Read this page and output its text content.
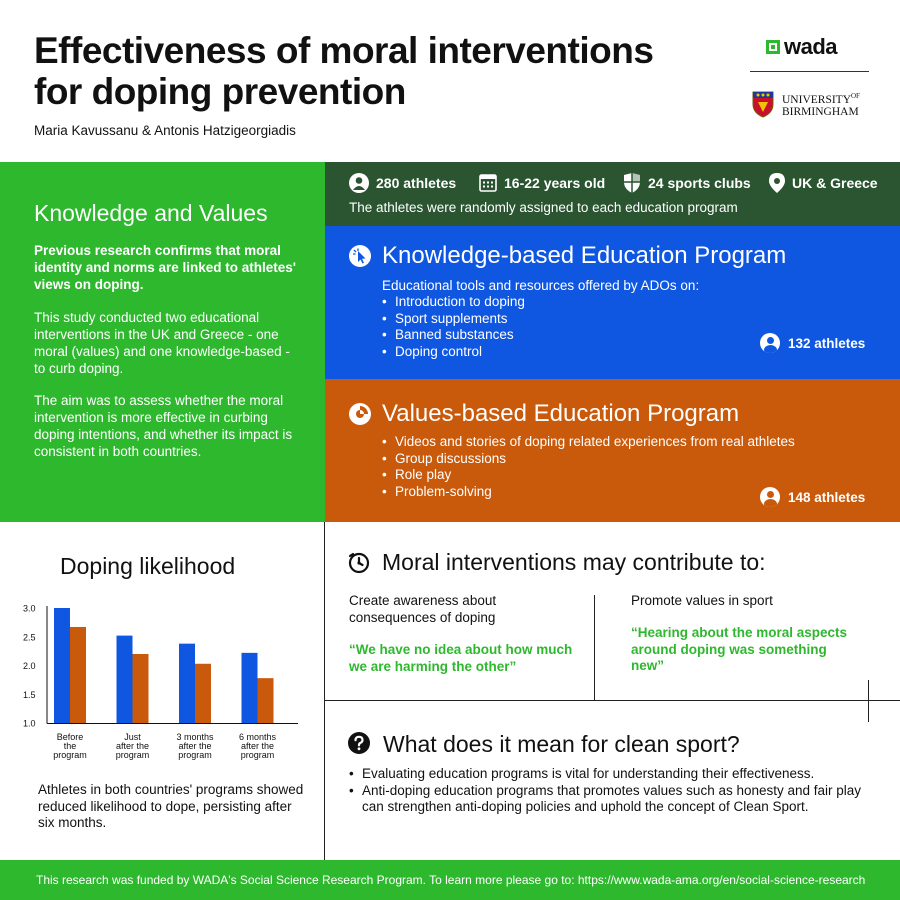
Effectiveness of moral interventions
for doping prevention
Maria Kavussanu & Antonis Hatzigeorgiadis
wada
$UNIVERSITY^{OF}$
BIRMINGHAM
Knowledge and Values
Previous research confirms that moral identity and norms are linked to athletes' views on doping.
This study conducted two educational interventions in the UK and Greece - one moral (values) and one knowledge-based - to curb doping.
The aim was to assess whether the moral intervention is more effective in curbing doping intentions, and whether its impact is consistent in both countries.
280 athletes	16-22 years old	24 sports clubs	UK & Greece
The athletes were randomly assigned to each education program
Knowledge-based Education Program
Educational tools and resources offered by ADOs on:
• Introduction to doping
• Sport supplements
• Banned substances
• Doping control
132 athletes
Values-based Education Program
• Videos and stories of doping related experiences from real athletes
• Group discussions
• Role play
• Problem-solving	148 athletes
Doping likelihood
1.0
1.5
2.0
2.5
3.0
Before the program
Just after the program
3 months after the program
6 months after the program
Athletes in both countries' programs showed reduced likelihood to dope, persisting after six months.
Moral interventions may contribute to:
Create awareness about consequences of doping
“We have no idea about how much we are harming the other”
Promote values in sport
“Hearing about the moral aspects around doping was something new”
What does it mean for clean sport?
• Evaluating education programs is vital for understanding their effectiveness.
• Anti-doping education programs that promotes values such as honesty and fair play can strengthen anti-doping policies and uphold the concept of Clean Sport.
This research was funded by WADA's Social Science Research Program. To learn more please go to: https://www.wada-ama.org/en/social-science-research
